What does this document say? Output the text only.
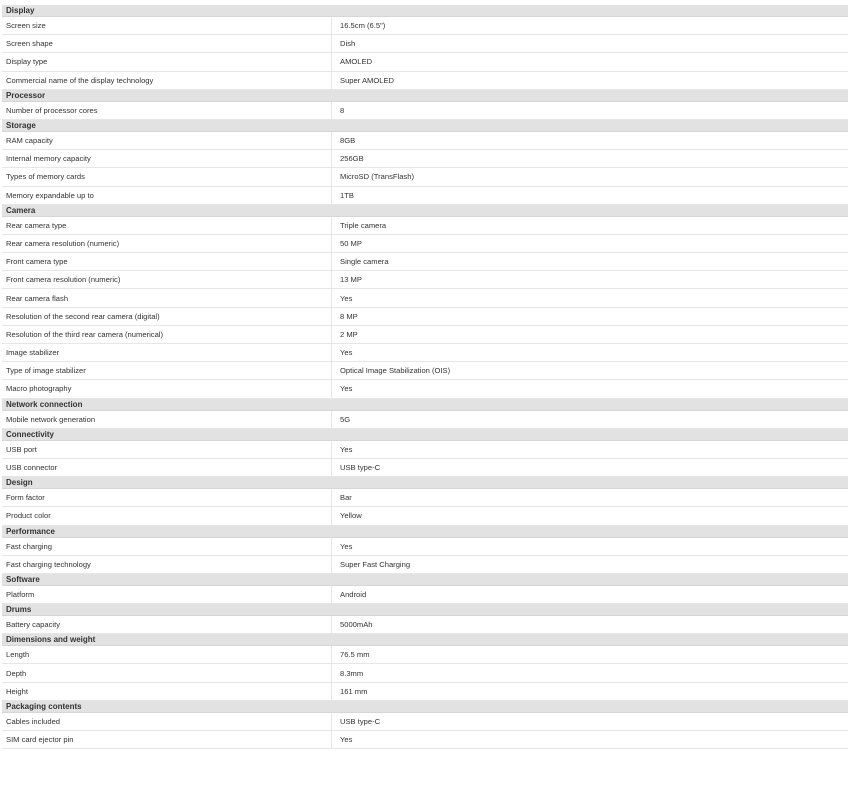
Display
Screen size	16.5cm (6.5")
Screen shape	Dish
Display type	AMOLED
Commercial name of the display technology	Super AMOLED
Processor
Number of processor cores	8
Storage
RAM capacity	8GB
Internal memory capacity	256GB
Types of memory cards	MicroSD (TransFlash)
Memory expandable up to	1TB
Camera
Rear camera type	Triple camera
Rear camera resolution (numeric)	50 MP
Front camera type	Single camera
Front camera resolution (numeric)	13 MP
Rear camera flash	Yes
Resolution of the second rear camera (digital)	8 MP
Resolution of the third rear camera (numerical)	2 MP
Image stabilizer	Yes
Type of image stabilizer	Optical Image Stabilization (OIS)
Macro photography	Yes
Network connection
Mobile network generation	5G
Connectivity
USB port	Yes
USB connector	USB type-C
Design
Form factor	Bar
Product color	Yellow
Performance
Fast charging	Yes
Fast charging technology	Super Fast Charging
Software
Platform	Android
Drums
Battery capacity	5000mAh
Dimensions and weight
Length	76.5 mm
Depth	8.3mm
Height	161 mm
Packaging contents
Cables included	USB type-C
SIM card ejector pin	Yes
